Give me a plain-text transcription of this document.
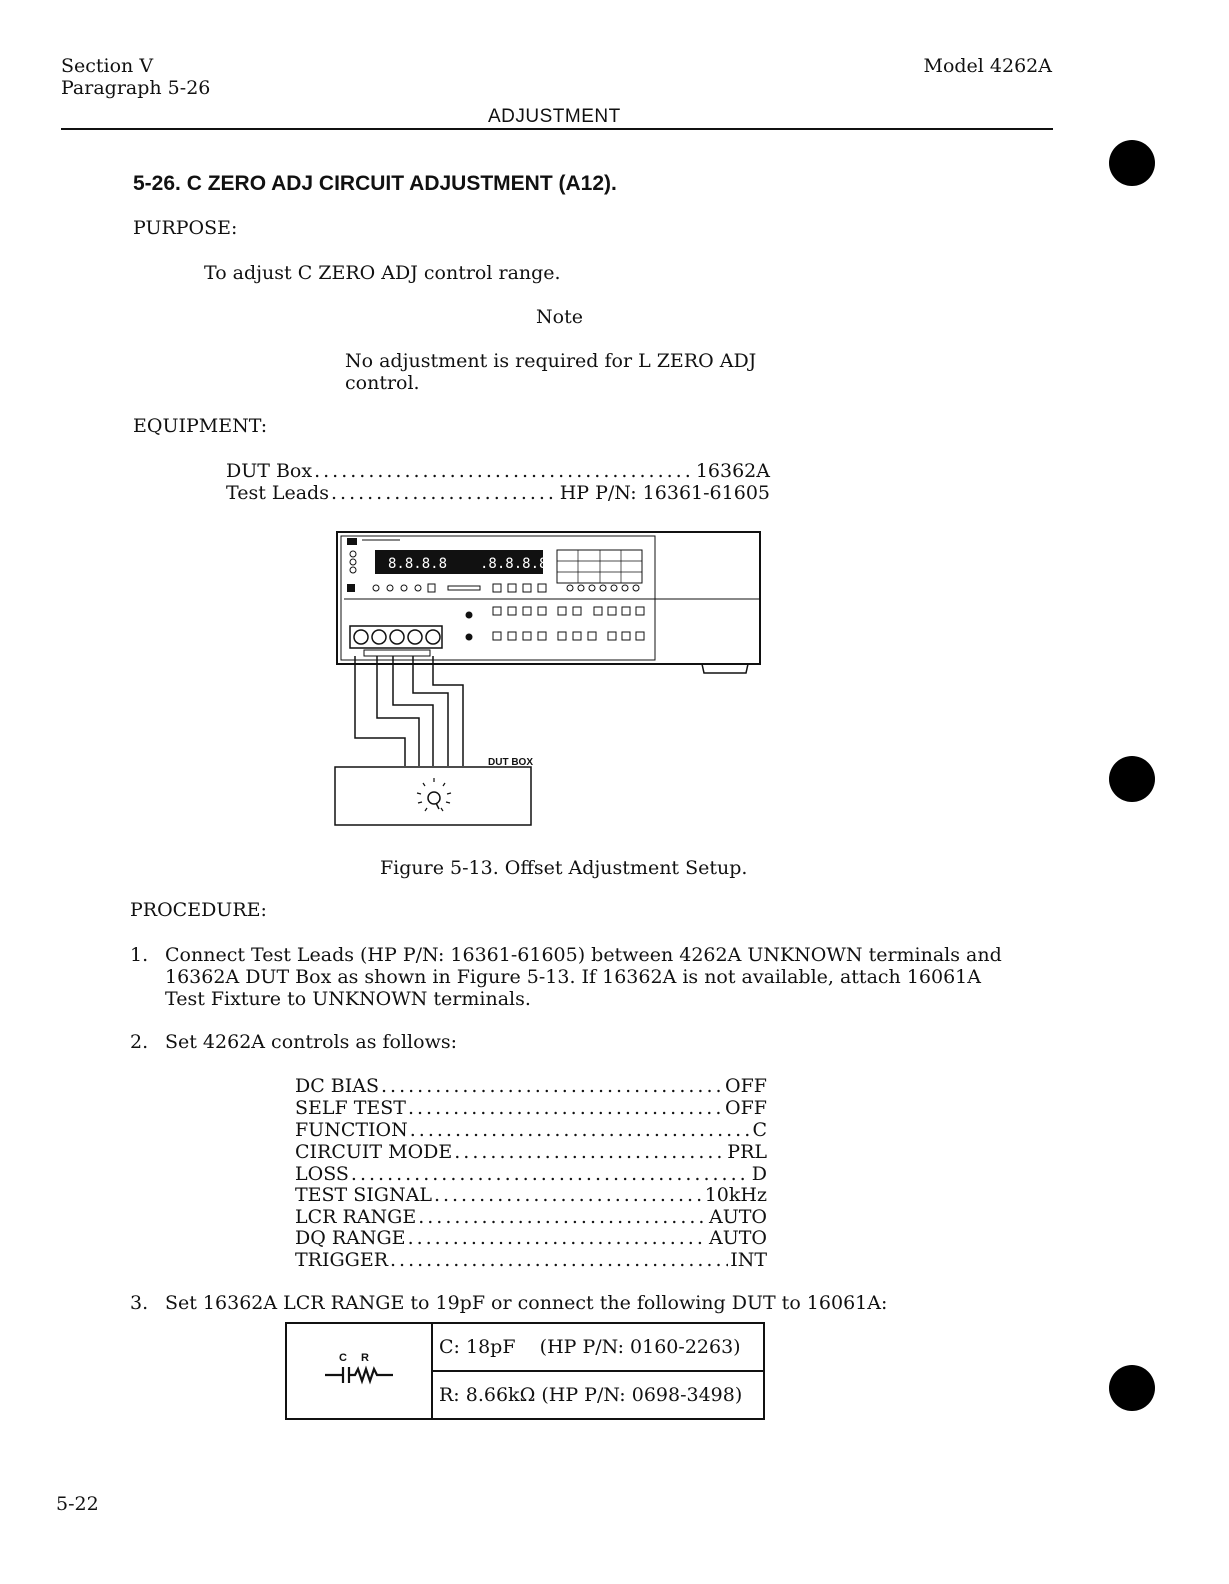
Section V
Paragraph 5-26
Model 4262A
ADJUSTMENT
5-26. C ZERO ADJ CIRCUIT ADJUSTMENT (A12).
PURPOSE:
To adjust C ZERO ADJ control range.
Note
No adjustment is required for L ZERO ADJ
control.
EQUIPMENT:
DUT Box .....	16362A
Test Leads .....	HP P/N: 16361-61605
8.8.8.8 .8.8.8.8
DUT BOX
Figure 5-13. Offset Adjustment Setup.
PROCEDURE:
1. Connect Test Leads (HP P/N: 16361-61605) between 4262A UNKNOWN terminals and
16362A DUT Box as shown in Figure 5-13. If 16362A is not available, attach 16061A
Test Fixture to UNKNOWN terminals.
2. Set 4262A controls as follows:
DC BIAS .....	OFF
SELF TEST .....	OFF
FUNCTION .....	C
CIRCUIT MODE .....	PRL
LOSS .....	D
TEST SIGNAL .....	10kHz
LCR RANGE .....	AUTO
DQ RANGE .....	AUTO
TRIGGER .....	INT
3. Set 16362A LCR RANGE to 19pF or connect the following DUT to 16061A:
C R	C: 18pF    (HP P/N: 0160-2263)
R: 8.66kΩ (HP P/N: 0698-3498)
5-22
